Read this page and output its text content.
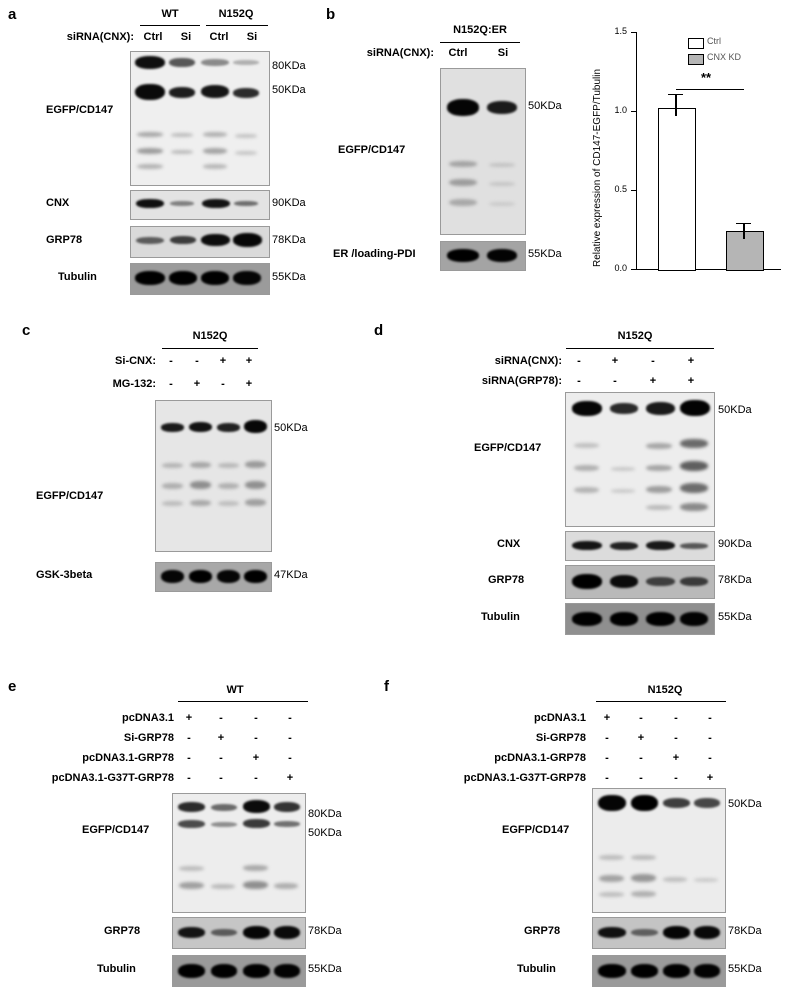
a	WT	N152Q
siRNA(CNX): Ctrl	Si	Ctrl	Si
80KDa
50KDa
EGFP/CD147
90KDa
CNX
78KDa
GRP78
55KDa
Tubulin
b
N152Q:ER
siRNA(CNX):	Ctrl	Si
50KDa
EGFP/CD147
55KDa
ER /loading-PDI
1.5
1.0
0.5
0.0
Relative expression of CD147-EGFP/Tubulin	**
Ctrl
CNX KD
c	N152Q
Si-CNX:	-	-	+	+
MG-132:	-	+	-	+
50KDa
EGFP/CD147
47KDa
GSK-3beta
d	N152Q
siRNA(CNX):	-	+	-	+
siRNA(GRP78):	-	-	+	+
50KDa
EGFP/CD147
90KDa
CNX
78KDa
GRP78
55KDa
Tubulin
e	WT
pcDNA3.1	+	-	-	-
Si-GRP78	-	+	-	-
pcDNA3.1-GRP78	-	-	+	-
pcDNA3.1-G37T-GRP78	-	-	-	+
80KDa
50KDa
EGFP/CD147
78KDa
GRP78
55KDa
Tubulin
f	N152Q
pcDNA3.1	+	-	-	-
Si-GRP78	-	+	-	-
pcDNA3.1-GRP78	-	-	+	-
pcDNA3.1-G37T-GRP78	-	-	-	+
50KDa
EGFP/CD147
78KDa
GRP78
55KDa
Tubulin
